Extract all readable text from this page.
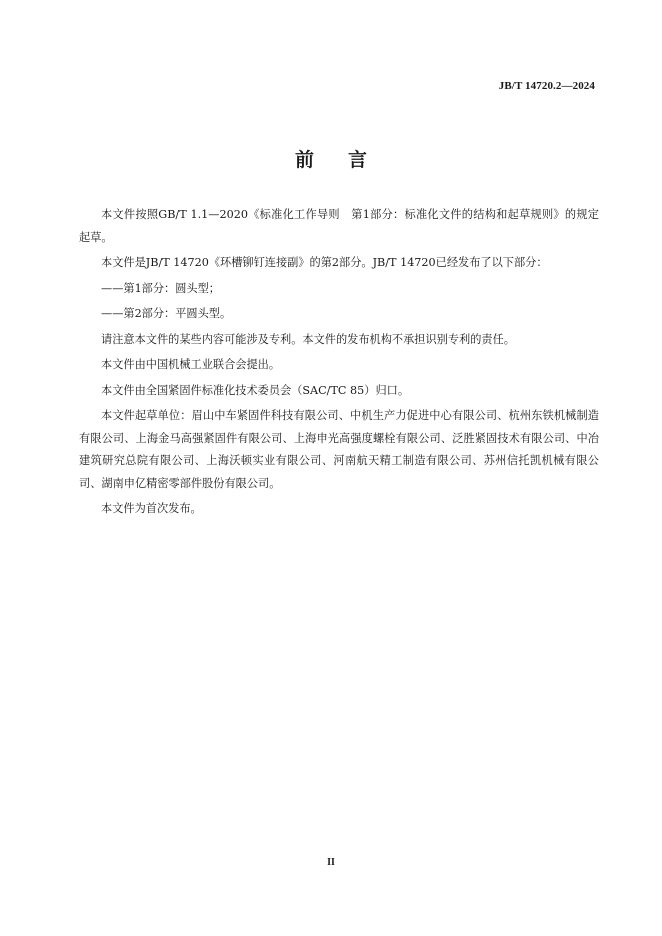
JB/T 14720.2—2024
前 言

本文件按照GB/T 1.1—2020《标准化工作导则　第1部分：标准化文件的结构和起草规则》的规定起草。

本文件是JB/T 14720《环槽铆钉连接副》的第2部分。JB/T 14720已经发布了以下部分：

——第1部分：圆头型；

——第2部分：平圆头型。

请注意本文件的某些内容可能涉及专利。本文件的发布机构不承担识别专利的责任。

本文件由中国机械工业联合会提出。

本文件由全国紧固件标准化技术委员会（SAC/TC 85）归口。

本文件起草单位：眉山中车紧固件科技有限公司、中机生产力促进中心有限公司、杭州东铁机械制造有限公司、上海金马高强紧固件有限公司、上海申光高强度螺栓有限公司、泛胜紧固技术有限公司、中冶建筑研究总院有限公司、上海沃顿实业有限公司、河南航天精工制造有限公司、苏州信托凯机械有限公司、湖南申亿精密零部件股份有限公司。

本文件为首次发布。

II
